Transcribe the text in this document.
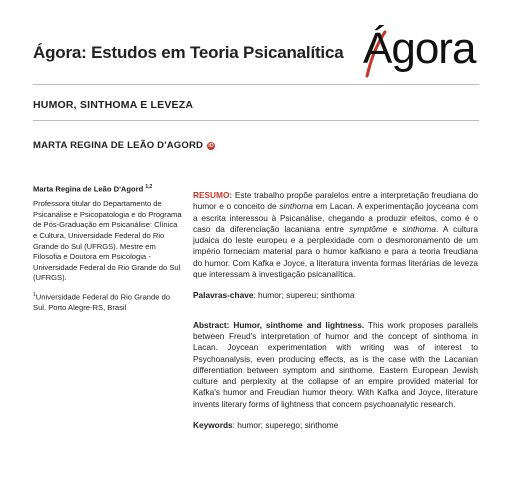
Ágora: Estudos em Teoria Psicanalítica Ágora
HUMOR, SINTHOMA E LEVEZA
MARTA REGINA DE LEÃO D'AGORD iD
Marta Regina de Leão D'Agord $^{1,2}$

Professora titular do Departamento de Psicanálise e Psicopatologia e do Programa de Pós-Graduação em Psicanálise: Clínica e Cultura, Universidade Federal do Rio Grande do Sul (UFRGS). Mestre em Filosofia e Doutora em Psicologia - Universidade Federal do Rio Grande do Sul (UFRGS).

$^1$Universidade Federal do Rio Grande do Sul. Porto Alegre-RS, Brasil

RESUMO: Este trabalho propõe paralelos entre a interpretação freudiana do humor e o conceito de sinthoma em Lacan. A experimentação joyceana com a escrita interessou à Psicanálise, chegando a produzir efeitos, como é o caso da diferenciação lacaniana entre symptôme e sinthoma. A cultura judaica do leste europeu e a perplexidade com o desmoronamento de um império forneciam material para o humor kafkiano e para a teoria freudiana do humor. Com Kafka e Joyce, a literatura inventa formas literárias de leveza que interessam à investigação psicanalítica.

Palavras-chave: humor; supereu; sinthoma

Abstract: Humor, sinthome and lightness. This work proposes parallels between Freud's interpretation of humor and the concept of sinthoma in Lacan. Joycean experimentation with writing was of interest to Psychoanalysis, even producing effects, as is the case with the Lacanian differentiation between symptom and sinthome. Eastern European Jewish culture and perplexity at the collapse of an empire provided material for Kafka's humor and Freudian humor theory. With Kafka and Joyce, literature invents literary forms of lightness that concern psychoanalytic research.

Keywords: humor; superego; sinthome
